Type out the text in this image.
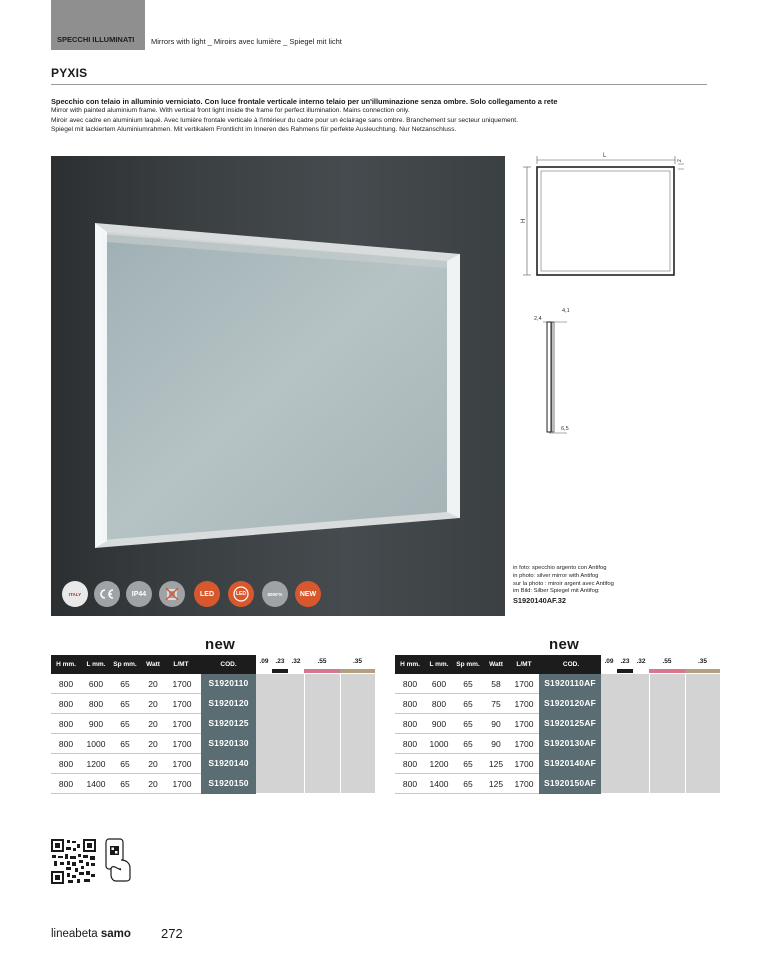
SPECCHI ILLUMINATI Mirrors with light _ Miroirs avec lumière _ Spiegel mit licht
PYXIS
Specchio con telaio in alluminio verniciato. Con luce frontale verticale interno telaio per un'illuminazione senza ombre. Solo collegamento a rete
Mirror with painted aluminium frame. With vertical front light inside the frame for perfect illumination. Mains connection only.
Miroir avec cadre en aluminium laqué. Avec lumière frontale verticale à l'intérieur du cadre pour un éclairage sans ombre. Branchement sur secteur uniquement.
Spiegel mit lackiertem Aluminiumrahmen. Mit vertikalem Frontlicht im Inneren des Rahmens für perfekte Ausleuchtung. Nur Netzanschluss.
ITALY	IP44	LED	LED	6000°K NEW
L
2
H
4,1
2,4
6,5
in foto: specchio argento con Antifog
in photo: silver mirror with Antifog
sur la photo : miroir argent avec Antifog
im Bild: Silber Spiegel mit Antifog:
S1920140AF.32
new	new
H mm.	L mm.	Sp mm.	Watt	L/MT	COD.	.09	.23	.32	.55	.35
800	600	65	20	1700	S1920110
800	800	65	20	1700	S1920120
800	900	65	20	1700	S1920125
800	1000	65	20	1700	S1920130
800	1200	65	20	1700	S1920140
800	1400	65	20	1700	S1920150
H mm.	L mm.	Sp mm.	Watt	L/MT	COD.	.09	.23	.32	.55	.35
800	600	65	58	1700	S1920110AF
800	800	65	75	1700	S1920120AF
800	900	65	90	1700	S1920125AF
800	1000	65	90	1700	S1920130AF
800	1200	65	125	1700	S1920140AF
800	1400	65	125	1700	S1920150AF
lineabeta samo 272
